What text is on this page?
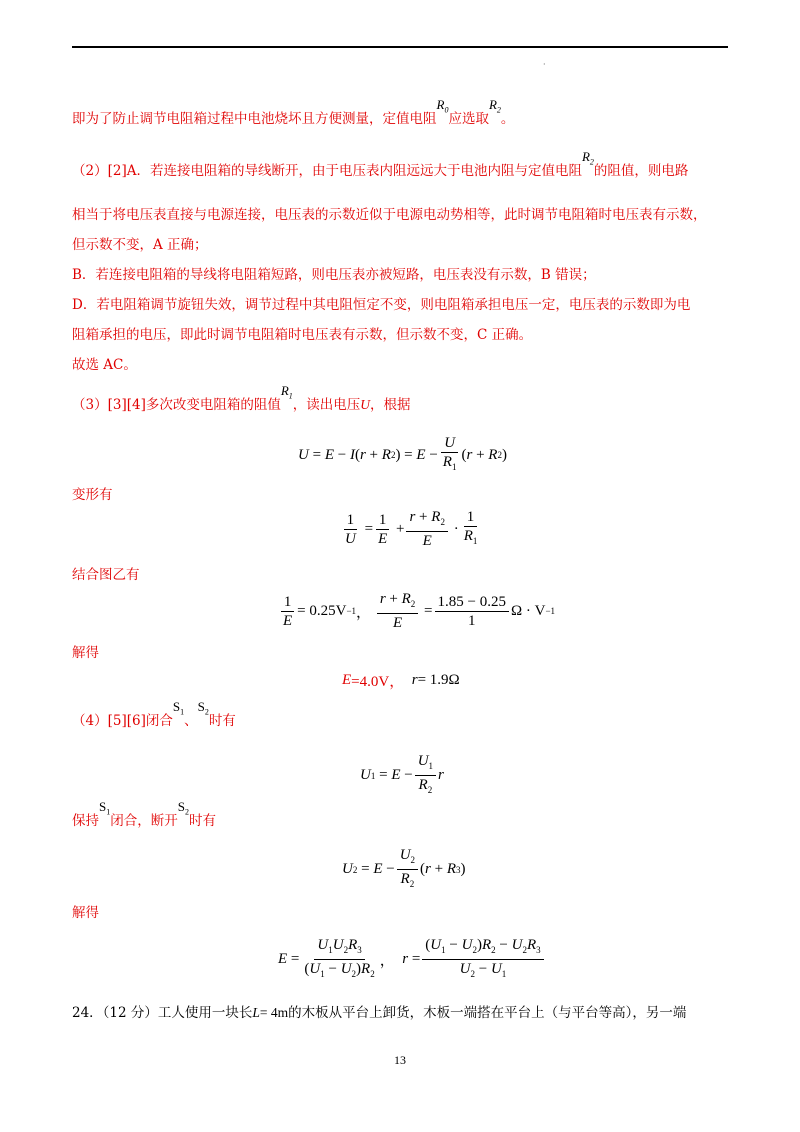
·
即为了防止调节电阻箱过程中电池烧坏且方便测量，定值电阻$R_0$应选取$R_2$。
（2）[2]A．若连接电阻箱的导线断开，由于电压表内阻远远大于电池内阻与定值电阻$R_2$的阻值，则电路
相当于将电压表直接与电源连接，电压表的示数近似于电源电动势相等，此时调节电阻箱时电压表有示数，
但示数不变，A 正确；
B．若连接电阻箱的导线将电阻箱短路，则电压表亦被短路，电压表没有示数，B 错误；
D．若电阻箱调节旋钮失效，调节过程中其电阻恒定不变，则电阻箱承担电压一定，电压表的示数即为电
阻箱承担的电压，即此时调节电阻箱时电压表有示数，但示数不变，C 正确。
故选 AC。
（3）[3][4]多次改变电阻箱的阻值$R_1$，读出电压U，根据
U = E − I ( r + R 2 ) = $E - \frac{U}{R_1}$ ( r + R 2 )
变形有
$\frac{1}{U} = \frac{1}{E} + \frac{r + R_2}{E} \cdot \frac{1}{R_1}$
结合图乙有
$\frac{1}{E} = 0.25V -1$ ，
$\frac{r + R_2}{E} = \frac{1.85 - 0.25}{1}$ Ω · V −1
解得
E =4.0V，
r = 1.9Ω
（4）[5][6]闭合$S_1$、$S_2$时有
U $1 = E - \frac{U_1}{R_2}$ r
保持$S_1$闭合，断开$S_2$时有
U $2 = E - \frac{U_2}{R_2}$ ( r + R 3 )
解得
$E = \frac{U_1U_2R_3}{(U_1 - U_2)R_2}$ ， $r = \frac{(U_1 - U_2)R_2 - U_2R_3}{U_2 - U_1}$
24．（12 分）工人使用一块长L= 4m的木板从平台上卸货，木板一端搭在平台上（与平台等高），另一端
13
